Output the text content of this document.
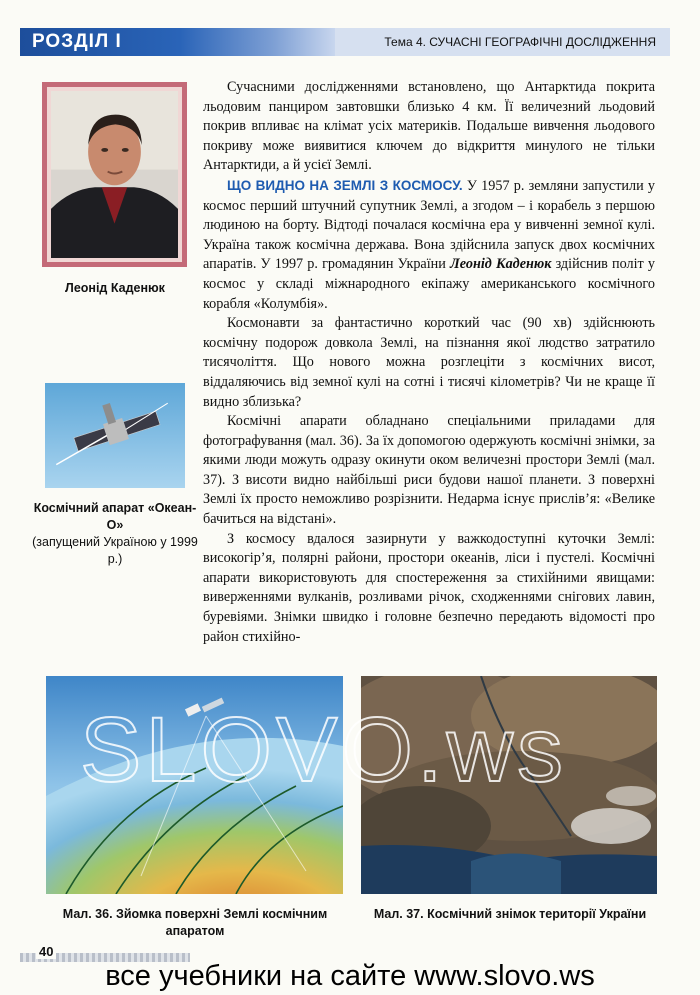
РОЗДІЛ І	Тема 4. СУЧАСНІ ГЕОГРАФІЧНІ ДОСЛІДЖЕННЯ
Леонід Каденюк
Космічний апарат «Океан-О»
(запущений Україною у 1999 р.)

Сучасними дослідженнями встановлено, що Антарктида покрита льодовим панциром завтовшки близько 4 км. Її величезний льодовий покрив впливає на клімат усіх материків. Подальше вивчення льодового покриву може виявитися ключем до відкриття минулого не тільки Антарктиди, а й усієї Землі.

ЩО ВИДНО НА ЗЕМЛІ З КОСМОСУ. У 1957 р. земляни запустили у космос перший штучний супутник Землі, а згодом – і корабель з першою людиною на борту. Відтоді почалася космічна ера у вивченні земної кулі. Україна також космічна держава. Вона здійснила запуск двох космічних апаратів. У 1997 р. громадянин України Леонід Каденюк здійснив політ у космос у складі міжнародного екіпажу американського космічного корабля «Колумбія».

Космонавти за фантастично короткий час (90 хв) здійснюють космічну подорож довкола Землі, на пізнання якої людство затратило тисячоліття. Що нового можна розглеціти з космічних висот, віддаляючись від земної кулі на сотні і тисячі кілометрів? Чи не краще її видно зблизька?

Космічні апарати обладнано спеціальними приладами для фотографування (мал. 36). За їх допомогою одержують космічні знімки, за якими люди можуть одразу окинути оком величезні простори Землі (мал. 37). З висоти видно найбільші риси будови нашої планети. З поверхні Землі їх просто неможливо розрізнити. Недарма існує прислів’я: «Велике бачиться на відстані».

З космосу вдалося зазирнути у важкодоступні куточки Землі: високогір’я, полярні райони, простори океанів, ліси і пустелі. Космічні апарати використовують для спостереження за стихійними явищами: виверженнями вулканів, розливами річок, сходженнями снігових лавин, буревіями. Знімки швидко і головне безпечно передають відомості про район стихійно-

Мал. 36. Зйомка поверхні Землі космічним апаратом
Мал. 37. Космічний знімок території України
40
все учебники на сайте www.slovo.ws
